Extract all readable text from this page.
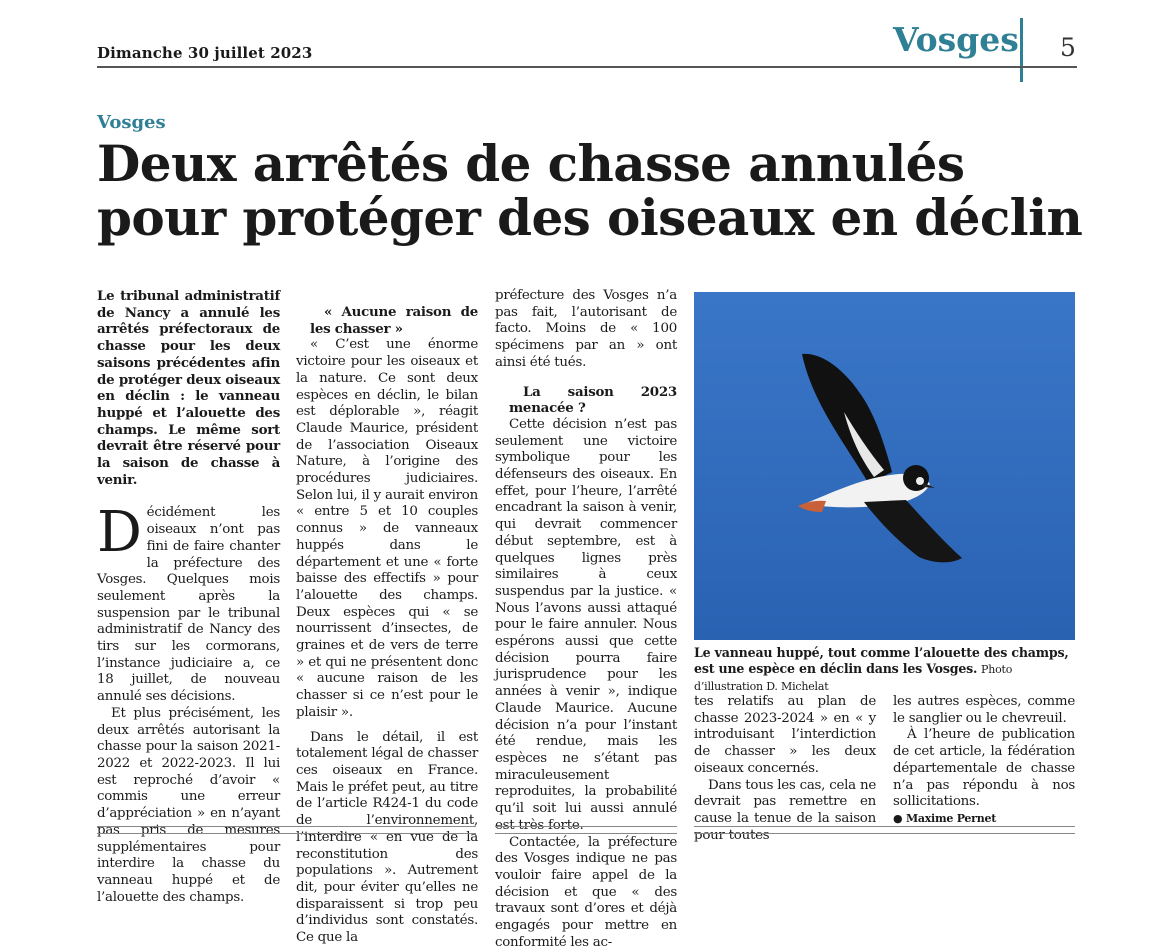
Dimanche 30 juillet 2023	Vosges 5
Vosges
Deux arrêtés de chasse annulés
pour protéger des oiseaux en déclin

Le tribunal administratif de Nancy a annulé les arrêtés préfectoraux de chasse pour les deux saisons précédentes afin de protéger deux oiseaux en déclin : le vanneau huppé et l’alouette des champs. Le même sort devrait être réservé pour la saison de chasse à venir.

Décidément les oiseaux n’ont pas fini de faire chanter la préfecture des Vosges. Quelques mois seulement après la suspension par le tribunal administratif de Nancy des tirs sur les cormorans, l’instance judiciaire a, ce 18 juillet, de nouveau annulé ses décisions.

Et plus précisément, les deux arrêtés autorisant la chasse pour la saison 2021-2022 et 2022-2023. Il lui est reproché d’avoir « commis une erreur d’appréciation » en n’ayant pas pris de mesures supplémentaires pour interdire la chasse du vanneau huppé et de l’alouette des champs.

« Aucune raison de les chasser »

« C’est une énorme victoire pour les oiseaux et la nature. Ce sont deux espèces en déclin, le bilan est déplorable », réagit Claude Maurice, président de l’association Oiseaux Nature, à l’origine des procédures judiciaires. Selon lui, il y aurait environ « entre 5 et 10 couples connus » de vanneaux huppés dans le département et une « forte baisse des effectifs » pour l’alouette des champs. Deux espèces qui « se nourrissent d’insectes, de graines et de vers de terre » et qui ne présentent donc « aucune raison de les chasser si ce n’est pour le plaisir ».

Dans le détail, il est totalement légal de chasser ces oiseaux en France. Mais le préfet peut, au titre de l’article R424-1 du code de l’environnement, l’interdire « en vue de la reconstitution des populations ». Autrement dit, pour éviter qu’elles ne disparaissent si trop peu d’individus sont constatés. Ce que la

préfecture des Vosges n’a pas fait, l’autorisant de facto. Moins de « 100 spécimens par an » ont ainsi été tués.

La saison 2023 menacée ?

Cette décision n’est pas seulement une victoire symbolique pour les défenseurs des oiseaux. En effet, pour l’heure, l’arrêté encadrant la saison à venir, qui devrait commencer début septembre, est à quelques lignes près similaires à ceux suspendus par la justice. « Nous l’avons aussi attaqué pour le faire annuler. Nous espérons aussi que cette décision pourra faire jurisprudence pour les années à venir », indique Claude Maurice. Aucune décision n’a pour l’instant été rendue, mais les espèces ne s’étant pas miraculeusement reproduites, la probabilité qu’il soit lui aussi annulé est très forte.

Contactée, la préfecture des Vosges indique ne pas vouloir faire appel de la décision et que « des travaux sont d’ores et déjà engagés pour mettre en conformité les ac-

Le vanneau huppé, tout comme l’alouette des champs, est une espèce en déclin dans les Vosges. Photo d’illustration D. Michelat

tes relatifs au plan de chasse 2023-2024 » en « y introduisant l’interdiction de chasser » les deux oiseaux concernés.

Dans tous les cas, cela ne devrait pas remettre en cause la tenue de la saison pour toutes

les autres espèces, comme le sanglier ou le chevreuil.

À l’heure de publication de cet article, la fédération départementale de chasse n’a pas répondu à nos sollicitations.

● Maxime Pernet
